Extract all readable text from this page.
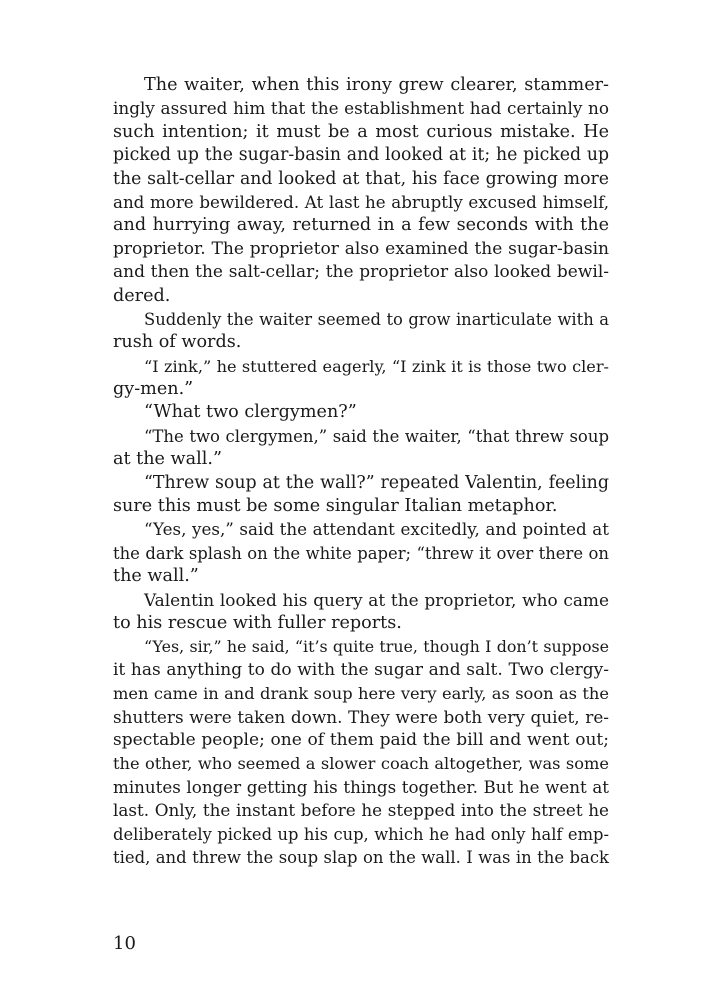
The waiter, when this irony grew clearer, stammer-
ingly assured him that the establishment had certainly no
such intention; it must be a most curious mistake. He
picked up the sugar-basin and looked at it; he picked up
the salt-cellar and looked at that, his face growing more
and more bewildered. At last he abruptly excused himself,
and hurrying away, returned in a few seconds with the
proprietor. The proprietor also examined the sugar-basin
and then the salt-cellar; the proprietor also looked bewil-
dered.
Suddenly the waiter seemed to grow inarticulate with a
rush of words.
“I zink,” he stuttered eagerly, “I zink it is those two cler-
gy-men.”
“What two clergymen?”
“The two clergymen,” said the waiter, “that threw soup
at the wall.”
“Threw soup at the wall?” repeated Valentin, feeling
sure this must be some singular Italian metaphor.
“Yes, yes,” said the attendant excitedly, and pointed at
the dark splash on the white paper; “threw it over there on
the wall.”
Valentin looked his query at the proprietor, who came
to his rescue with fuller reports.
“Yes, sir,” he said, “it’s quite true, though I don’t suppose
it has anything to do with the sugar and salt. Two clergy-
men came in and drank soup here very early, as soon as the
shutters were taken down. They were both very quiet, re-
spectable people; one of them paid the bill and went out;
the other, who seemed a slower coach altogether, was some
minutes longer getting his things together. But he went at
last. Only, the instant before he stepped into the street he
deliberately picked up his cup, which he had only half emp-
tied, and threw the soup slap on the wall. I was in the back
10
